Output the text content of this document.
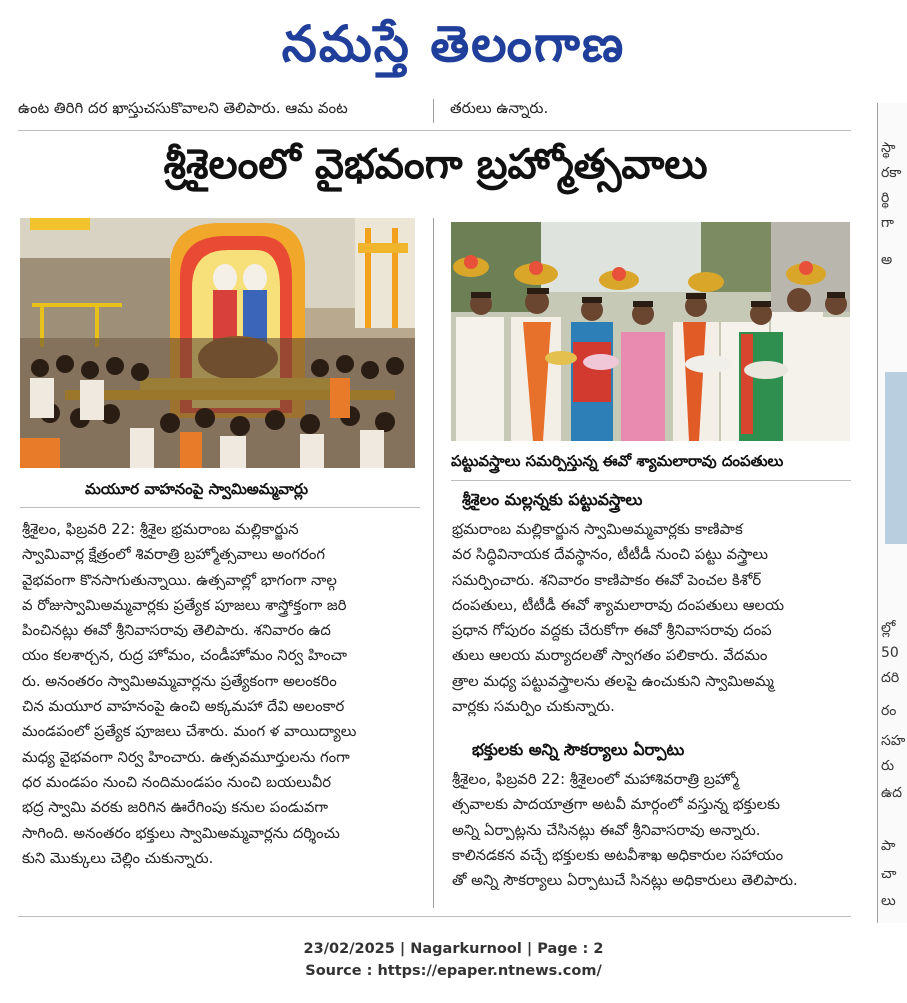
నమస్తే తెలంగాణ
ఉంట తిరిగి దర ఖాస్తుచసుకొవాలని తెలిపారు. ఆమ వంట	తరులు ఉన్నారు.
శ్రీశైలంలో వైభవంగా బ్రహ్మోత్సవాలు
మయూర వాహనంపై స్వామిఅమ్మవార్లు
పట్టువస్త్రాలు సమర్పిస్తున్న ఈవో శ్యామలారావు దంపతులు
శ్రీశైలం, ఫిబ్రవరి 22: శ్రీశైల భ్రమరాంబ మల్లికార్జున
స్వామివార్ల క్షేత్రంలో శివరాత్రి బ్రహ్మోత్సవాలు అంగరంగ
వైభవంగా కొనసాగుతున్నాయి. ఉత్సవాల్లో భాగంగా నాల్గ
వ రోజుస్వామిఅమ్మవార్లకు ప్రత్యేక పూజలు శాస్త్రోక్తంగా జరి
పించినట్లు ఈవో శ్రీనివాసరావు తెలిపారు. శనివారం ఉద
యం కలశార్చన, రుద్ర హోమం, చండీహోమం నిర్వ హించా
రు. అనంతరం స్వామిఅమ్మవార్లను ప్రత్యేకంగా అలంకరిం
చిన మయూర వాహనంపై ఉంచి అక్కమహా దేవి అలంకార
మండపంలో ప్రత్యేక పూజలు చేశారు. మంగ ళ వాయిద్యాలు
మధ్య వైభవంగా నిర్వ హించారు. ఉత్సవమూర్తులను గంగా
ధర మండపం నుంచి నందిమండపం నుంచి బయలువీర
భద్ర స్వామి వరకు జరిగిన ఊరేగింపు కనుల పండువగా
సాగింది. అనంతరం భక్తులు స్వామిఅమ్మవార్లను దర్శించు
కుని మొక్కులు చెల్లిం చుకున్నారు.
శ్రీశైలం మల్లన్నకు పట్టువస్త్రాలు
భ్రమరాంబ మల్లికార్జున స్వామిఅమ్మవార్లకు కాణిపాక
వర సిద్ధివినాయక దేవస్థానం, టీటీడీ నుంచి పట్టు వస్త్రాలు
సమర్పించారు. శనివారం కాణిపాకం ఈవో పెంచల కిశోర్
దంపతులు, టీటీడీ ఈవో శ్యామలారావు దంపతులు ఆలయ
ప్రధాన గోపురం వద్దకు చేరుకోగా ఈవో శ్రీనివాసరావు దంప
తులు ఆలయ మర్యాదలతో స్వాగతం పలికారు. వేదమం
త్రాల మధ్య పట్టువస్త్రాలను తలపై ఉంచుకుని స్వామిఅమ్మ
వార్లకు సమర్పిం చుకున్నారు.
భక్తులకు అన్ని సౌకర్యాలు ఏర్పాటు
శ్రీశైలం, ఫిబ్రవరి 22: శ్రీశైలంలో మహాశివరాత్రి బ్రహ్మో
త్సవాలకు పాదయాత్రగా అటవీ మార్గంలో వస్తున్న భక్తులకు
అన్ని ఏర్పాట్లను చేసినట్లు ఈవో శ్రీనివాసరావు అన్నారు.
కాలినడకన వచ్చే భక్తులకు అటవీశాఖ అధికారుల సహాయం
తో అన్ని సౌకర్యాలు ఏర్పాటుచే సినట్లు అధికారులు తెలిపారు.
స్థా
రకా
ర్థి
గా
అ
ల్లో
50
దరి
రం
సహ
రు
ఉద
పా
చా
లు
23/02/2025 | Nagarkurnool | Page : 2
Source : https://epaper.ntnews.com/
